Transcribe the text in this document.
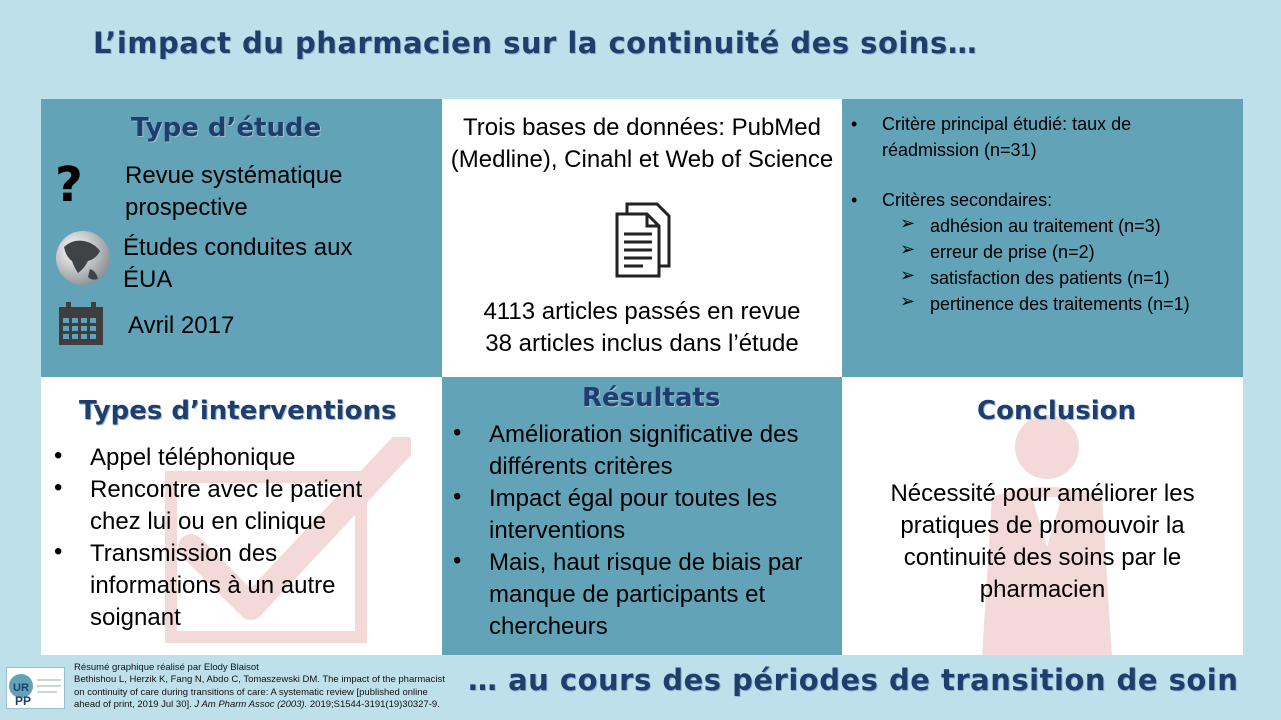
L’impact du pharmacien sur la continuité des soins…
Type d’étude
? Revue systématique prospective
Études conduites aux ÉUA
Avril 2017
Trois bases de données: PubMed (Medline), Cinahl et Web of Science
4113 articles passés en revue
38 articles inclus dans l’étude
• Critère principal étudié: taux de réadmission (n=31)
• Critères secondaires:
➢ adhésion au traitement (n=3)
➢ erreur de prise (n=2)
➢ satisfaction des patients (n=1)
➢ pertinence des traitements (n=1)
Types d’interventions
• Appel téléphonique
• Rencontre avec le patient chez lui ou en clinique
• Transmission des informations à un autre soignant
Résultats
• Amélioration significative des différents critères
• Impact égal pour toutes les interventions
• Mais, haut risque de biais par manque de participants et chercheurs
Conclusion
Nécessité pour améliorer les pratiques de promouvoir la continuité des soins par le pharmacien
UR
PP
Résumé graphique réalisé par Elody Blaisot
Bethishou L, Herzik K, Fang N, Abdo C, Tomaszewski DM. The impact of the pharmacist
on continuity of care during transitions of care: A systematic review [published online
ahead of print, 2019 Jul 30]. J Am Pharm Assoc (2003). 2019;S1544-3191(19)30327-9.
… au cours des périodes de transition de soin
